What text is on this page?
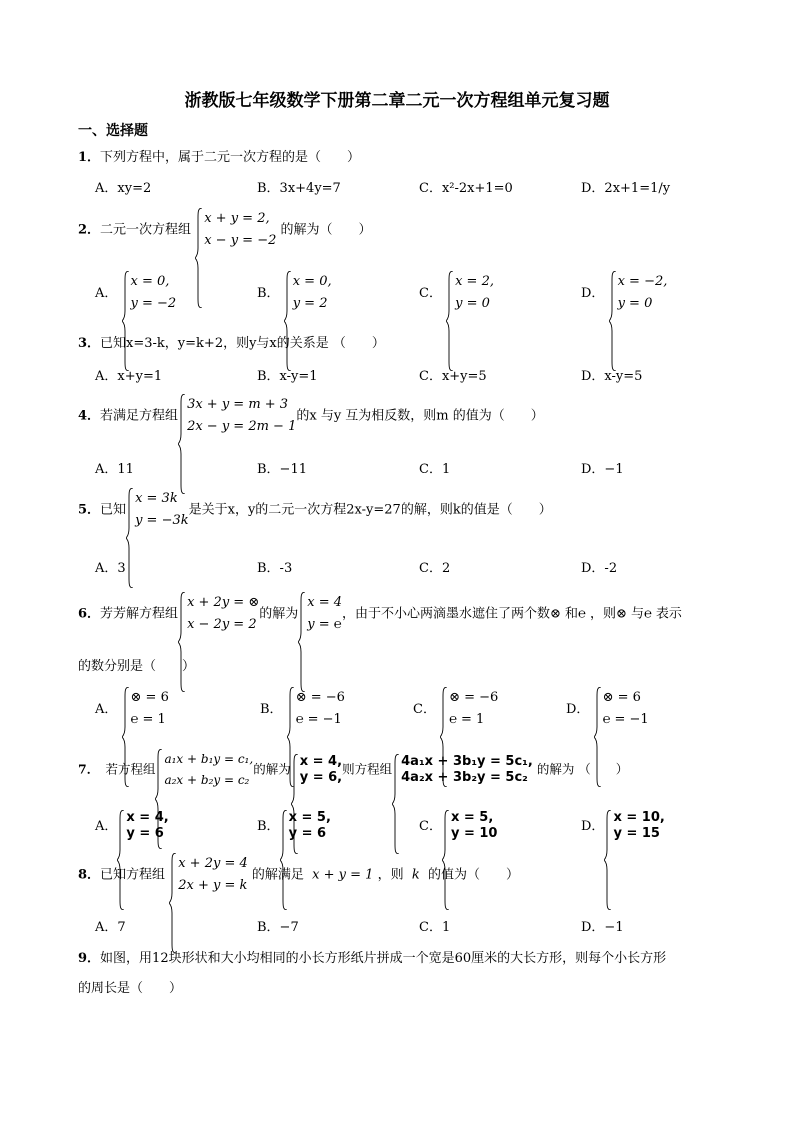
浙教版七年级数学下册第二章二元一次方程组单元复习题
一、选择题
1．下列方程中，属于二元一次方程的是（　　）
A．xy=2	B．3x+4y=7	C．x²-2x+1=0	D．2x+1=1/y
2．二元一次方程组
x + y = 2,
x − y = −2
的解为（　　）
A．
x = 0,
y = −2
B．
x = 0,
y = 2
C．
x = 2,
y = 0
D．
x = −2,
y = 0
3．已知x=3-k，y=k+2，则y与x的关系是 （　　）
A．x+y=1	B．x-y=1	C．x+y=5	D．x-y=5
4．若满足方程组
3x + y = m + 3
2x − y = 2m − 1
的x 与y 互为相反数，则m 的值为（　　）
A．11	B．−11	C．1	D．−1
5．已知
x = 3k
y = −3k
是关于x，y的二元一次方程2x-y=27的解，则k的值是（　　）
A．3	B．-3	C．2	D．-2
6．芳芳解方程组
x + 2y = ⊗
x − 2y = 2
的解为
x = 4
y = ℮
，由于不小心两滴墨水遮住了两个数⊗ 和℮ ，则⊗ 与℮ 表示
的数分别是（　　）
A．
⊗ = 6
℮ = 1
B．
⊗ = −6
℮ = −1
C．
⊗ = −6
℮ = 1
D．
⊗ = 6
℮ = −1
7．　若方程组
a₁x + b₁y = c₁,
a₂x + b₂y = c₂
的解为 x = 4,
y = 6,
则方程组 4a₁x + 3b₁y = 5c₁,
4a₂x + 3b₂y = 5c₂
的解为 （　　）
A．
x = 4,
y = 6	B．
x = 5,
y = 6	C．
x = 5,
y = 10	D．
x = 10,
y = 15
8．已知方程组
x + 2y = 4
2x + y = k
的解满足 x + y = 1 ，则 k 的值为（　　）
A．7	B．−7	C．1	D．−1
9．如图，用12块形状和大小均相同的小长方形纸片拼成一个宽是60厘米的大长方形，则每个小长方形
的周长是（　　）
